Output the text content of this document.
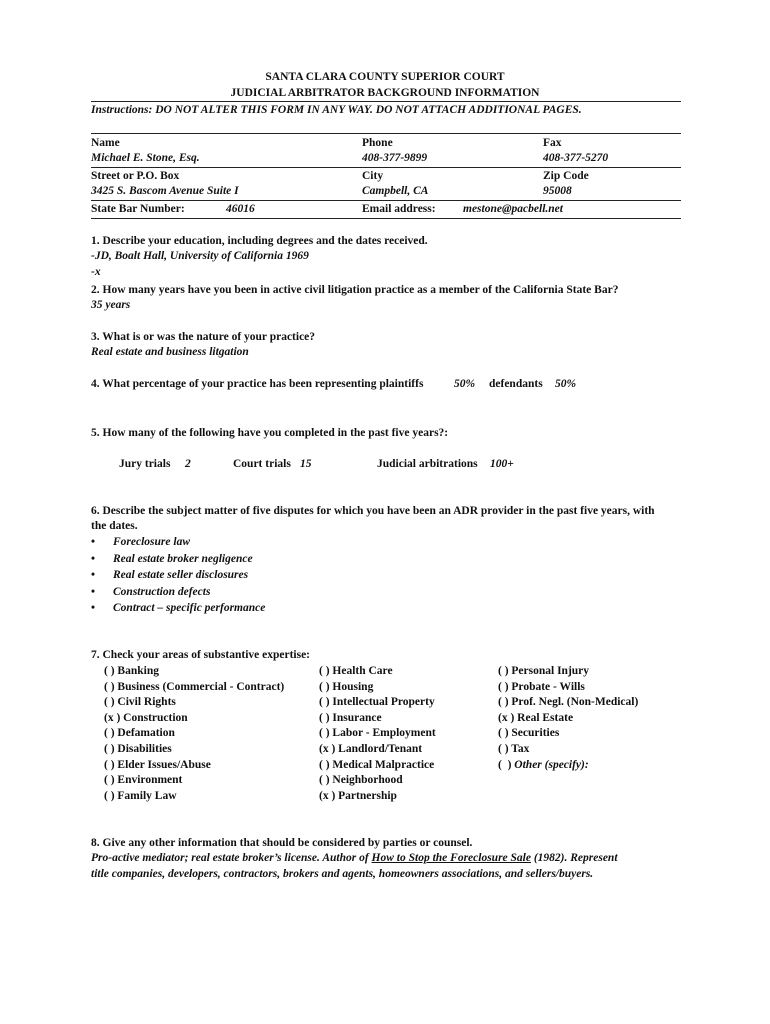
SANTA CLARA COUNTY SUPERIOR COURT
JUDICIAL ARBITRATOR BACKGROUND INFORMATION
Instructions: DO NOT ALTER THIS FORM IN ANY WAY. DO NOT ATTACH ADDITIONAL PAGES.
Name	Phone	Fax
Michael E. Stone, Esq.	408-377-9899	408-377-5270
Street or P.O. Box	City	Zip Code
3425 S. Bascom Avenue Suite I	Campbell, CA	95008
State Bar Number:	46016	Email address: mestone@pacbell.net
1. Describe your education, including degrees and the dates received.
-JD, Boalt Hall, University of California 1969
-x
2. How many years have you been in active civil litigation practice as a member of the California State Bar?
35 years
3. What is or was the nature of your practice?
Real estate and business litgation
4. What percentage of your practice has been representing plaintiffs	50% defendants 50%
5. How many of the following have you completed in the past five years?:
Jury trials 2	Court trials 15	Judicial arbitrations 100+
6. Describe the subject matter of five disputes for which you have been an ADR provider in the past five years, with
the dates.
• Foreclosure law
• Real estate broker negligence
• Real estate seller disclosures
• Construction defects
• Contract – specific performance
7. Check your areas of substantive expertise:
( ) Banking
( ) Business (Commercial - Contract)
( ) Civil Rights
(x ) Construction
( ) Defamation
( ) Disabilities
( ) Elder Issues/Abuse
( ) Environment
( ) Family Law
( ) Health Care
( ) Housing
( ) Intellectual Property
( ) Insurance
( ) Labor - Employment
(x ) Landlord/Tenant
( ) Medical Malpractice
( ) Neighborhood
(x ) Partnership
( ) Personal Injury
( ) Probate - Wills
( ) Prof. Negl. (Non-Medical)
(x ) Real Estate
( ) Securities
( ) Tax
(  ) Other (specify):
8. Give any other information that should be considered by parties or counsel.
Pro-active mediator; real estate broker’s license. Author of How to Stop the Foreclosure Sale (1982). Represent
title companies, developers, contractors, brokers and agents, homeowners associations, and sellers/buyers.
